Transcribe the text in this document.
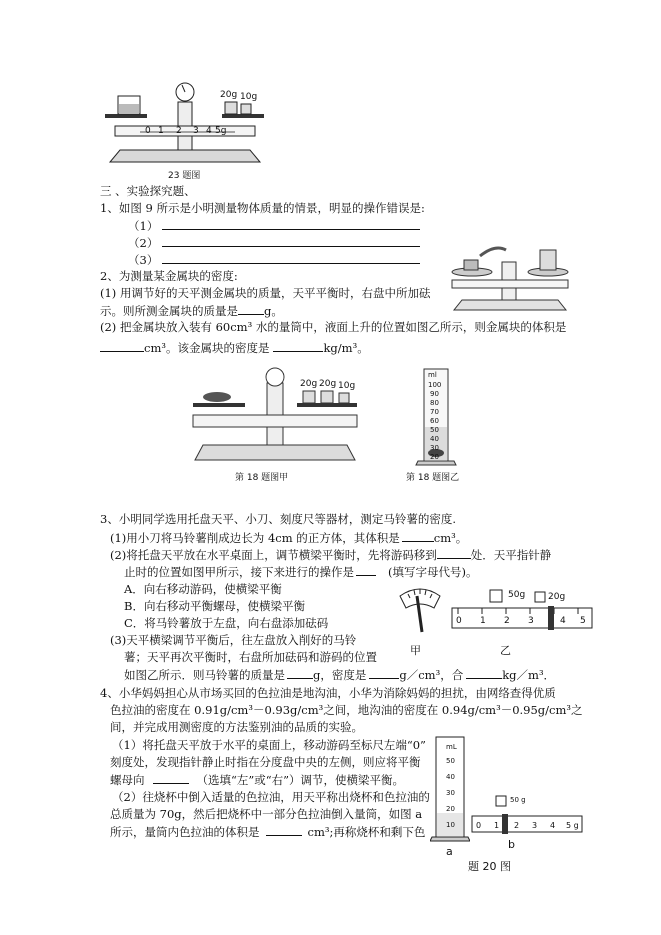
20g 10g
0 1 2 3 4 5g
23 题图
三 、实验探究题、
1、如图 9 所示是小明测量物体质量的情景，明显的操作错误是:
（1）
（2）
（3）
2、为测量某金属块的密度:
(1) 用调节好的天平测金属块的质量，天平平衡时，右盘中所加砝
示。则所测金属块的质量是 g。
(2) 把金属块放入装有 60cm³ 水的量筒中，液面上升的位置如图乙所示，则金属块的体积是
cm³。该金属块的密度是	kg/m³。
20g 20g 10g
第 18 题图甲
ml
100
90
80
70
60
50
40
30
20
第 18 题图乙
3、小明同学选用托盘天平、小刀、刻度尺等器材，测定马铃薯的密度.
(1)用小刀将马铃薯削成边长为 4cm 的正方体，其体积是	cm³。
(2)将托盘天平放在水平桌面上，调节横梁平衡时，先将游码移到	处．天平指针静
止时的位置如图甲所示，接下来进行的操作是	(填写字母代号)。
A．向右移动游码，使横梁平衡
B．向右移动平衡螺母，使横梁平衡
C．将马铃薯放于左盘，向右盘添加砝码
(3)天平横梁调节平衡后，往左盘放入削好的马铃
薯；天平再次平衡时，右盘所加砝码和游码的位置
如图乙所示．则马铃薯的质量是 g，密度是	g／cm³，合	kg／m³．
甲
50g	20g
0 1 2 3	4 5
乙
4、小华妈妈担心从市场买回的色拉油是地沟油，小华为消除妈妈的担扰，由网络查得优质
色拉油的密度在 0.91g/cm³－0.93g/cm³之间，地沟油的密度在 0.94g/cm³－0.95g/cm³之
间，并完成用测密度的方法鉴别油的品质的实验。
（1）将托盘天平放于水平的桌面上，移动游码至标尺左端“0”
刻度处，发现指针静止时指在分度盘中央的左侧，则应将平衡
螺母向	（选填“左”或“右”）调节，使横梁平衡。
（2）往烧杯中倒入适量的色拉油，用天平称出烧杯和色拉油的
总质量为 70g，然后把烧杯中一部分色拉油倒入量筒，如图 a
所示，量筒内色拉油的体积是	cm³;再称烧杯和剩下色
mL
50
40
30
20
10
a
50 g
0 1 2 3 4 5 g
b
题 20 图
